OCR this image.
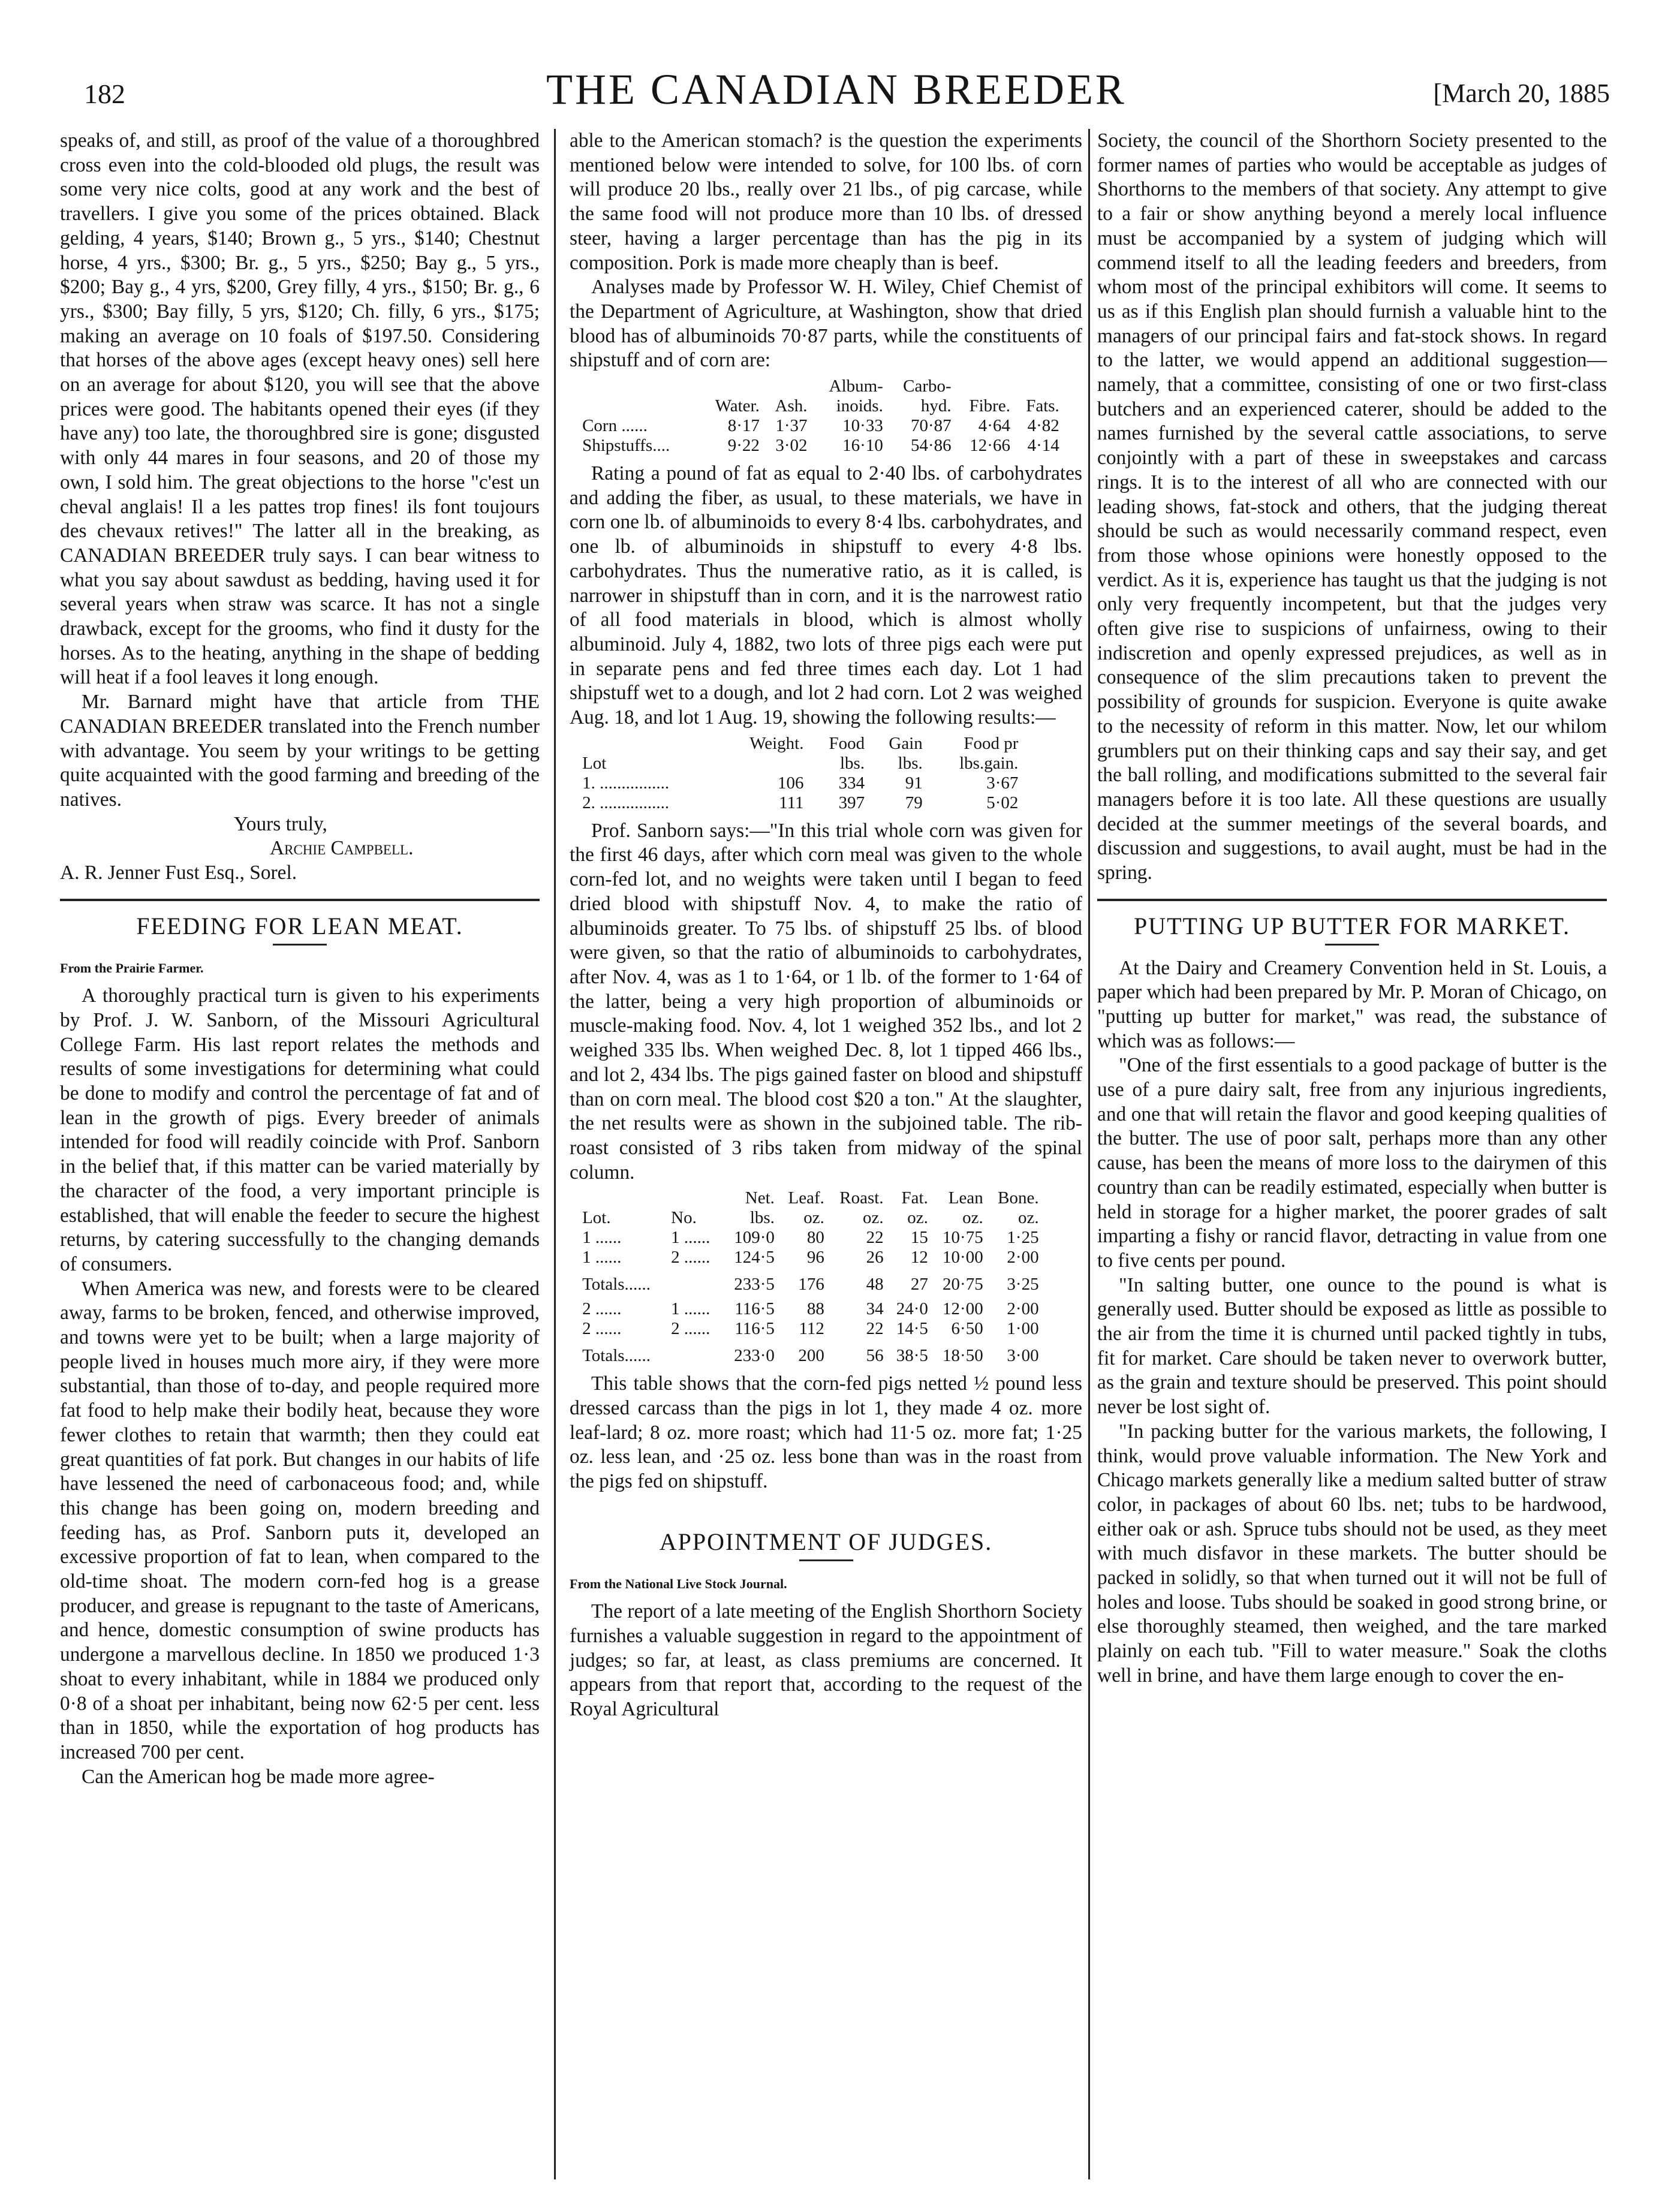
182	THE CANADIAN BREEDER	[March 20, 1885

speaks of, and still, as proof of the value of a thoroughbred cross even into the cold-blooded old plugs, the result was some very nice colts, good at any work and the best of travellers. I give you some of the prices obtained. Black gelding, 4 years, $140; Brown g., 5 yrs., $140; Chestnut horse, 4 yrs., $300; Br. g., 5 yrs., $250; Bay g., 5 yrs., $200; Bay g., 4 yrs, $200, Grey filly, 4 yrs., $150; Br. g., 6 yrs., $300; Bay filly, 5 yrs, $120; Ch. filly, 6 yrs., $175; making an average on 10 foals of $197.50. Considering that horses of the above ages (except heavy ones) sell here on an average for about $120, you will see that the above prices were good. The habitants opened their eyes (if they have any) too late, the thoroughbred sire is gone; disgusted with only 44 mares in four seasons, and 20 of those my own, I sold him. The great objections to the horse "c'est un cheval anglais! Il a les pattes trop fines! ils font toujours des chevaux retives!" The latter all in the breaking, as CANADIAN BREEDER truly says. I can bear witness to what you say about sawdust as bedding, having used it for several years when straw was scarce. It has not a single drawback, except for the grooms, who find it dusty for the horses. As to the heating, anything in the shape of bedding will heat if a fool leaves it long enough.

Mr. Barnard might have that article from THE CANADIAN BREEDER translated into the French number with advantage. You seem by your writings to be getting quite acquainted with the good farming and breeding of the natives.

Yours truly,
Archie Campbell.
A. R. Jenner Fust Esq., Sorel.
FEEDING FOR LEAN MEAT.
From the Prairie Farmer.

A thoroughly practical turn is given to his experiments by Prof. J. W. Sanborn, of the Missouri Agricultural College Farm. His last report relates the methods and results of some investigations for determining what could be done to modify and control the percentage of fat and of lean in the growth of pigs. Every breeder of animals intended for food will readily coincide with Prof. Sanborn in the belief that, if this matter can be varied materially by the character of the food, a very important principle is established, that will enable the feeder to secure the highest returns, by catering successfully to the changing demands of consumers.

When America was new, and forests were to be cleared away, farms to be broken, fenced, and otherwise improved, and towns were yet to be built; when a large majority of people lived in houses much more airy, if they were more substantial, than those of to-day, and people required more fat food to help make their bodily heat, because they wore fewer clothes to retain that warmth; then they could eat great quantities of fat pork. But changes in our habits of life have lessened the need of carbonaceous food; and, while this change has been going on, modern breeding and feeding has, as Prof. Sanborn puts it, developed an excessive proportion of fat to lean, when compared to the old-time shoat. The modern corn-fed hog is a grease producer, and grease is repugnant to the taste of Americans, and hence, domestic consumption of swine products has undergone a marvellous decline. In 1850 we produced 1·3 shoat to every inhabitant, while in 1884 we produced only 0·8 of a shoat per inhabitant, being now 62·5 per cent. less than in 1850, while the exportation of hog products has increased 700 per cent.

Can the American hog be made more agree-

able to the American stomach? is the question the experiments mentioned below were intended to solve, for 100 lbs. of corn will produce 20 lbs., really over 21 lbs., of pig carcase, while the same food will not produce more than 10 lbs. of dressed steer, having a larger percentage than has the pig in its composition. Pork is made more cheaply than is beef.

Analyses made by Professor W. H. Wiley, Chief Chemist of the Department of Agriculture, at Washington, show that dried blood has of albuminoids 70·87 parts, while the constituents of shipstuff and of corn are:

			Album-	Carbo-		
	Water.	Ash.	inoids.	hyd.	Fibre.	Fats.
Corn ......	8·17	1·37	10·33	70·87	4·64	4·82
Shipstuffs....	9·22	3·02	16·10	54·86	12·66	4·14

Rating a pound of fat as equal to 2·40 lbs. of carbohydrates and adding the fiber, as usual, to these materials, we have in corn one lb. of albuminoids to every 8·4 lbs. carbohydrates, and one lb. of albuminoids in shipstuff to every 4·8 lbs. carbohydrates. Thus the numerative ratio, as it is called, is narrower in shipstuff than in corn, and it is the narrowest ratio of all food materials in blood, which is almost wholly albuminoid. July 4, 1882, two lots of three pigs each were put in separate pens and fed three times each day. Lot 1 had shipstuff wet to a dough, and lot 2 had corn. Lot 2 was weighed Aug. 18, and lot 1 Aug. 19, showing the following results:—

	Weight.	Food	Gain	Food pr
Lot		lbs.	lbs.	lbs.gain.
1. ................	106	334	91	3·67
2. ................	111	397	79	5·02

Prof. Sanborn says:—"In this trial whole corn was given for the first 46 days, after which corn meal was given to the whole corn-fed lot, and no weights were taken until I began to feed dried blood with shipstuff Nov. 4, to make the ratio of albuminoids greater. To 75 lbs. of shipstuff 25 lbs. of blood were given, so that the ratio of albuminoids to carbohydrates, after Nov. 4, was as 1 to 1·64, or 1 lb. of the former to 1·64 of the latter, being a very high proportion of albuminoids or muscle-making food. Nov. 4, lot 1 weighed 352 lbs., and lot 2 weighed 335 lbs. When weighed Dec. 8, lot 1 tipped 466 lbs., and lot 2, 434 lbs. The pigs gained faster on blood and shipstuff than on corn meal. The blood cost $20 a ton." At the slaughter, the net results were as shown in the subjoined table. The rib-roast consisted of 3 ribs taken from midway of the spinal column.

		Net.	Leaf.	Roast.	Fat.	Lean	Bone.
Lot.	No.	lbs.	oz.	oz.	oz.	oz.	oz.
1 ......	1 ......	109·0	80	22	15	10·75	1·25
1 ......	2 ......	124·5	96	26	12	10·00	2·00
Totals......		233·5	176	48	27	20·75	3·25
2 ......	1 ......	116·5	88	34	24·0	12·00	2·00
2 ......	2 ......	116·5	112	22	14·5	6·50	1·00
Totals......		233·0	200	56	38·5	18·50	3·00

This table shows that the corn-fed pigs netted ½ pound less dressed carcass than the pigs in lot 1, they made 4 oz. more leaf-lard; 8 oz. more roast; which had 11·5 oz. more fat; 1·25 oz. less lean, and ·25 oz. less bone than was in the roast from the pigs fed on shipstuff.

APPOINTMENT OF JUDGES.
From the National Live Stock Journal.

The report of a late meeting of the English Shorthorn Society furnishes a valuable suggestion in regard to the appointment of judges; so far, at least, as class premiums are concerned. It appears from that report that, according to the request of the Royal Agricultural

Society, the council of the Shorthorn Society presented to the former names of parties who would be acceptable as judges of Shorthorns to the members of that society. Any attempt to give to a fair or show anything beyond a merely local influence must be accompanied by a system of judging which will commend itself to all the leading feeders and breeders, from whom most of the principal exhibitors will come. It seems to us as if this English plan should furnish a valuable hint to the managers of our principal fairs and fat-stock shows. In regard to the latter, we would append an additional suggestion—namely, that a committee, consisting of one or two first-class butchers and an experienced caterer, should be added to the names furnished by the several cattle associations, to serve conjointly with a part of these in sweepstakes and carcass rings. It is to the interest of all who are connected with our leading shows, fat-stock and others, that the judging thereat should be such as would necessarily command respect, even from those whose opinions were honestly opposed to the verdict. As it is, experience has taught us that the judging is not only very frequently incompetent, but that the judges very often give rise to suspicions of unfairness, owing to their indiscretion and openly expressed prejudices, as well as in consequence of the slim precautions taken to prevent the possibility of grounds for suspicion. Everyone is quite awake to the necessity of reform in this matter. Now, let our whilom grumblers put on their thinking caps and say their say, and get the ball rolling, and modifications submitted to the several fair managers before it is too late. All these questions are usually decided at the summer meetings of the several boards, and discussion and suggestions, to avail aught, must be had in the spring.

PUTTING UP BUTTER FOR MARKET.

At the Dairy and Creamery Convention held in St. Louis, a paper which had been prepared by Mr. P. Moran of Chicago, on "putting up butter for market," was read, the substance of which was as follows:—

"One of the first essentials to a good package of butter is the use of a pure dairy salt, free from any injurious ingredients, and one that will retain the flavor and good keeping qualities of the butter. The use of poor salt, perhaps more than any other cause, has been the means of more loss to the dairymen of this country than can be readily estimated, especially when butter is held in storage for a higher market, the poorer grades of salt imparting a fishy or rancid flavor, detracting in value from one to five cents per pound.

"In salting butter, one ounce to the pound is what is generally used. Butter should be exposed as little as possible to the air from the time it is churned until packed tightly in tubs, fit for market. Care should be taken never to overwork butter, as the grain and texture should be preserved. This point should never be lost sight of.

"In packing butter for the various markets, the following, I think, would prove valuable information. The New York and Chicago markets generally like a medium salted butter of straw color, in packages of about 60 lbs. net; tubs to be hardwood, either oak or ash. Spruce tubs should not be used, as they meet with much disfavor in these markets. The butter should be packed in solidly, so that when turned out it will not be full of holes and loose. Tubs should be soaked in good strong brine, or else thoroughly steamed, then weighed, and the tare marked plainly on each tub. "Fill to water measure." Soak the cloths well in brine, and have them large enough to cover the en-
